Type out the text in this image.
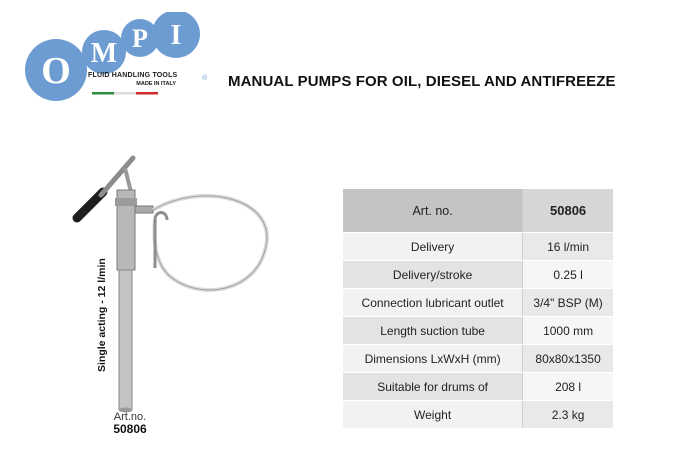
O M P I
®
FLUID HANDLING TOOLS
MADE IN ITALY	MANUAL PUMPS FOR OIL, DIESEL AND ANTIFREEZE
Single acting - 12 l/min
Art.no.
50806
Art. no.	50806
Delivery	16 l/min
Delivery/stroke	0.25 l
Connection lubricant outlet	3/4" BSP (M)
Length suction tube	1000 mm
Dimensions LxWxH (mm)	80x80x1350
Suitable for drums of	208 l
Weight	2.3 kg
